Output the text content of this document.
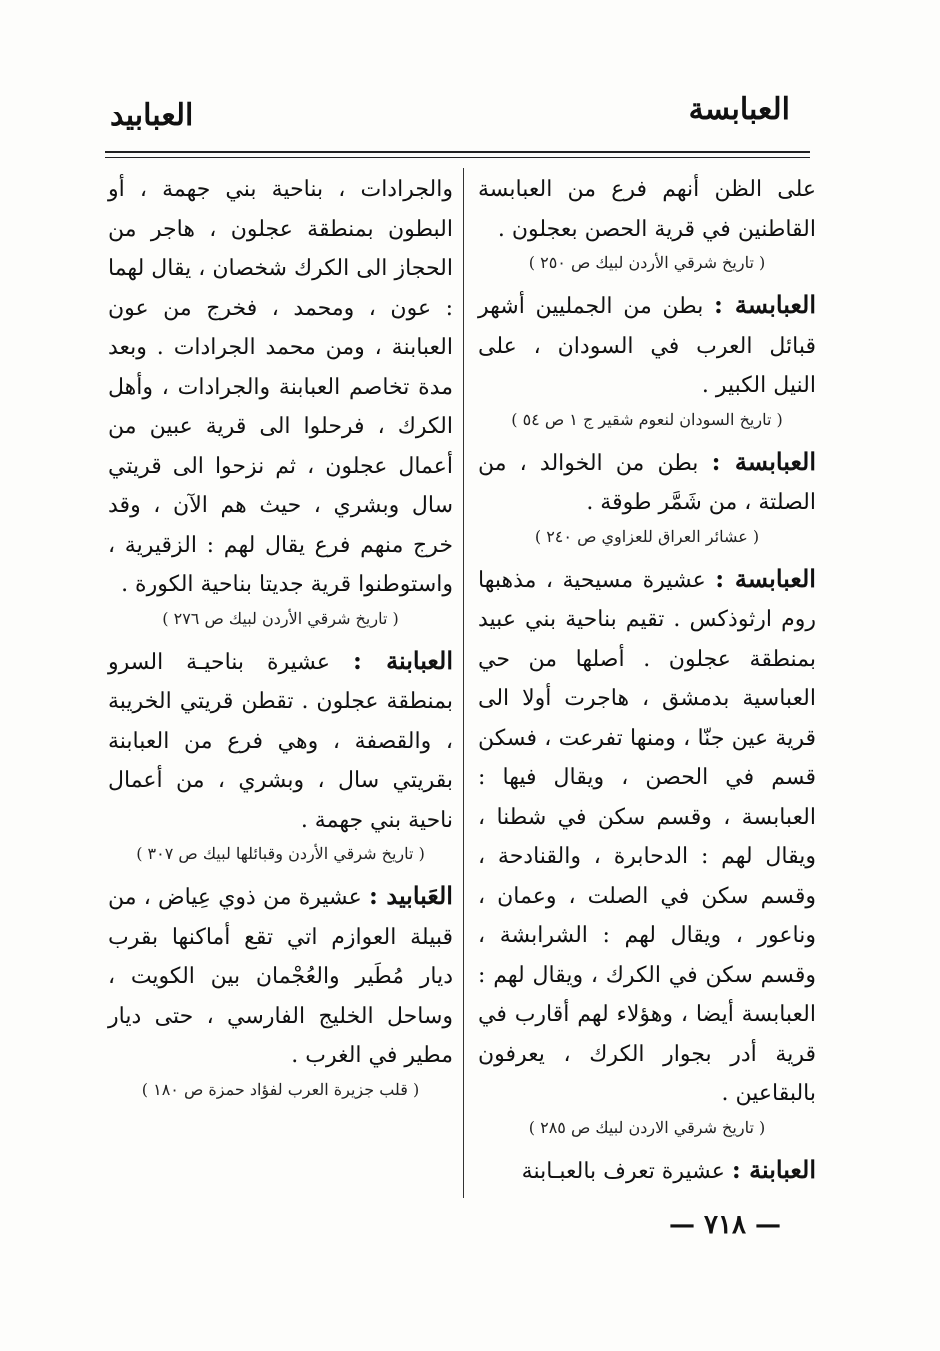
العبابسة
العبابيد

على الظن أنهم فرع من العبابسة القاطنين في قرية الحصن بعجلون .

( تاريخ شرقي الأردن لبيك ص ٢٥٠ )

العبابسة : بطن من الجمليين أشهر قبائل العرب في السودان ، على النيل الكبير .

( تاريخ السودان لنعوم شقير ج ١ ص ٥٤ )

العبابسة : بطن من الخوالد ، من الصلتة ، من شَمَّر طوقة .

( عشائر العراق للعزاوي ص ٢٤٠ )

العبابسة : عشيرة مسيحية ، مذهبها روم ارثوذكس . تقيم بناحية بني عبيد بمنطقة عجلون . أصلها من حي العباسية بدمشق ، هاجرت أولا الى قرية عين جنّا ، ومنها تفرعت ، فسكن قسم في الحصن ، ويقال فيها : العبابسة ، وقسم سكن في شطنا ، ويقال لهم : الدحابرة ، والقنادحة ، وقسم سكن في الصلت ، وعمان ، وناعور ، ويقال لهم : الشرابشة ، وقسم سكن في الكرك ، ويقال لهم : العبابسة أيضا ، وهؤلاء لهم أقارب في قرية أدر بجوار الكرك ، يعرفون بالبقاعين .

( تاريخ شرقي الاردن لبيك ص ٢٨٥ )

العبابنة : عشيرة تعرف بالعبـابنة

والجرادات ، بناحية بني جهمة ، أو البطون بمنطقة عجلون ، هاجر من الحجاز الى الكرك شخصان ، يقال لهما : عون ، ومحمد ، فخرج من عون العبابنة ، ومن محمد الجرادات . وبعد مدة تخاصم العبابنة والجرادات ، وأهل الكرك ، فرحلوا الى قرية عبين من أعمال عجلون ، ثم نزحوا الى قريتي سال وبشري ، حيث هم الآن ، وقد خرج منهم فرع يقال لهم : الزقيرية ، واستوطنوا قرية جديتا بناحية الكورة .

( تاريخ شرقي الأردن لبيك ص ٢٧٦ )

العبابنة : عشيرة بناحيـة السرو بمنطقة عجلون . تقطن قريتي الخريبة ، والقصفة ، وهي فرع من العبابنة بقريتي سال ، وبشري ، من أعمال ناحية بني جهمة .

( تاريخ شرقي الأردن وقبائلها لبيك ص ٣٠٧ )

العَبابيد : عشيرة من ذوي عِياض ، من قبيلة العوازم اتي تقع أماكنها بقرب ديار مُطَير والعُجْمان بين الكويت ، وساحل الخليج الفارسي ، حتى ديار مطير في الغرب .

( قلب جزيرة العرب لفؤاد حمزة ص ١٨٠ )

— ٧١٨ —
